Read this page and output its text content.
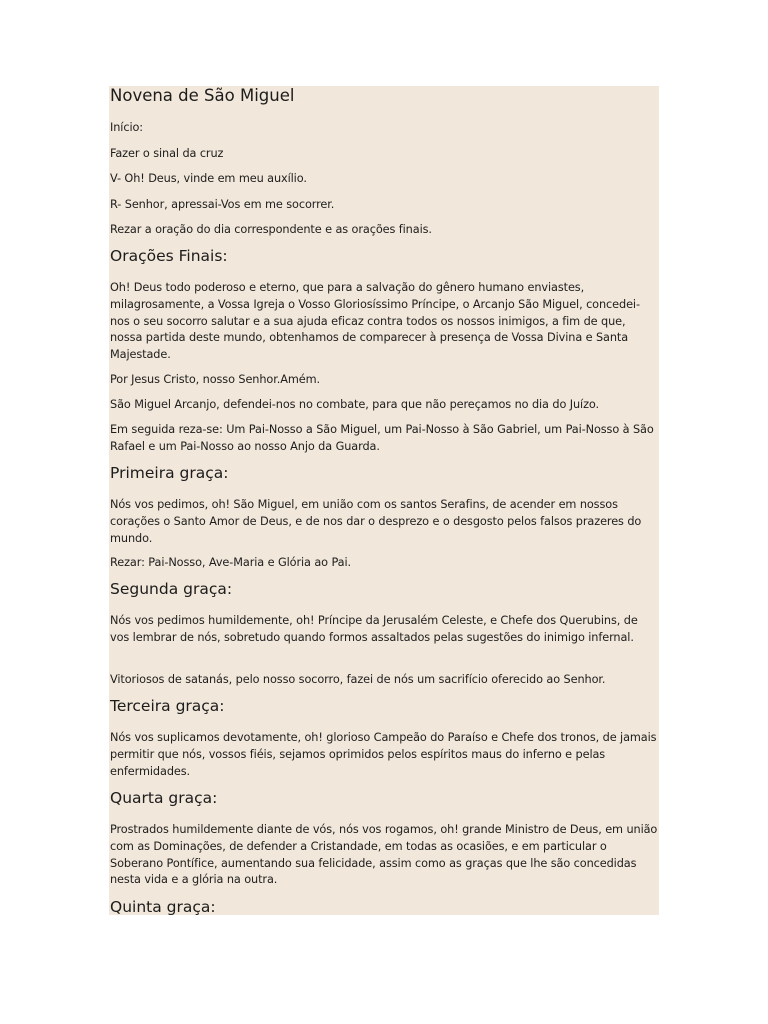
Novena de São Miguel

Início:

Fazer o sinal da cruz

V- Oh! Deus, vinde em meu auxílio.

R- Senhor, apressai-Vos em me socorrer.

Rezar a oração do dia correspondente e as orações finais.

Orações Finais:

Oh! Deus todo poderoso e eterno, que para a salvação do gênero humano enviastes, milagrosamente, a Vossa Igreja o Vosso Gloriosíssimo Príncipe, o Arcanjo São Miguel, concedei-nos o seu socorro salutar e a sua ajuda eficaz contra todos os nossos inimigos, a fim de que, nossa partida deste mundo, obtenhamos de comparecer à presença de Vossa Divina e Santa Majestade.

Por Jesus Cristo, nosso Senhor.Amém.

São Miguel Arcanjo, defendei-nos no combate, para que não pereçamos no dia do Juízo.

Em seguida reza-se: Um Pai-Nosso a São Miguel, um Pai-Nosso à São Gabriel, um Pai-Nosso à São Rafael e um Pai-Nosso ao nosso Anjo da Guarda.

Primeira graça:

Nós vos pedimos, oh! São Miguel, em união com os santos Serafins, de acender em nossos corações o Santo Amor de Deus, e de nos dar o desprezo e o desgosto pelos falsos prazeres do mundo.

Rezar: Pai-Nosso, Ave-Maria e Glória ao Pai.

Segunda graça:

Nós vos pedimos humildemente, oh! Príncipe da Jerusalém Celeste, e Chefe dos Querubins, de vos lembrar de nós, sobretudo quando formos assaltados pelas sugestões do inimigo infernal.

Vitoriosos de satanás, pelo nosso socorro, fazei de nós um sacrifício oferecido ao Senhor.

Terceira graça:

Nós vos suplicamos devotamente, oh! glorioso Campeão do Paraíso e Chefe dos tronos, de jamais permitir que nós, vossos fiéis, sejamos oprimidos pelos espíritos maus do inferno e pelas enfermidades.

Quarta graça:

Prostrados humildemente diante de vós, nós vos rogamos, oh! grande Ministro de Deus, em união com as Dominações, de defender a Cristandade, em todas as ocasiões, e em particular o Soberano Pontífice, aumentando sua felicidade, assim como as graças que lhe são concedidas nesta vida e a glória na outra.

Quinta graça:
